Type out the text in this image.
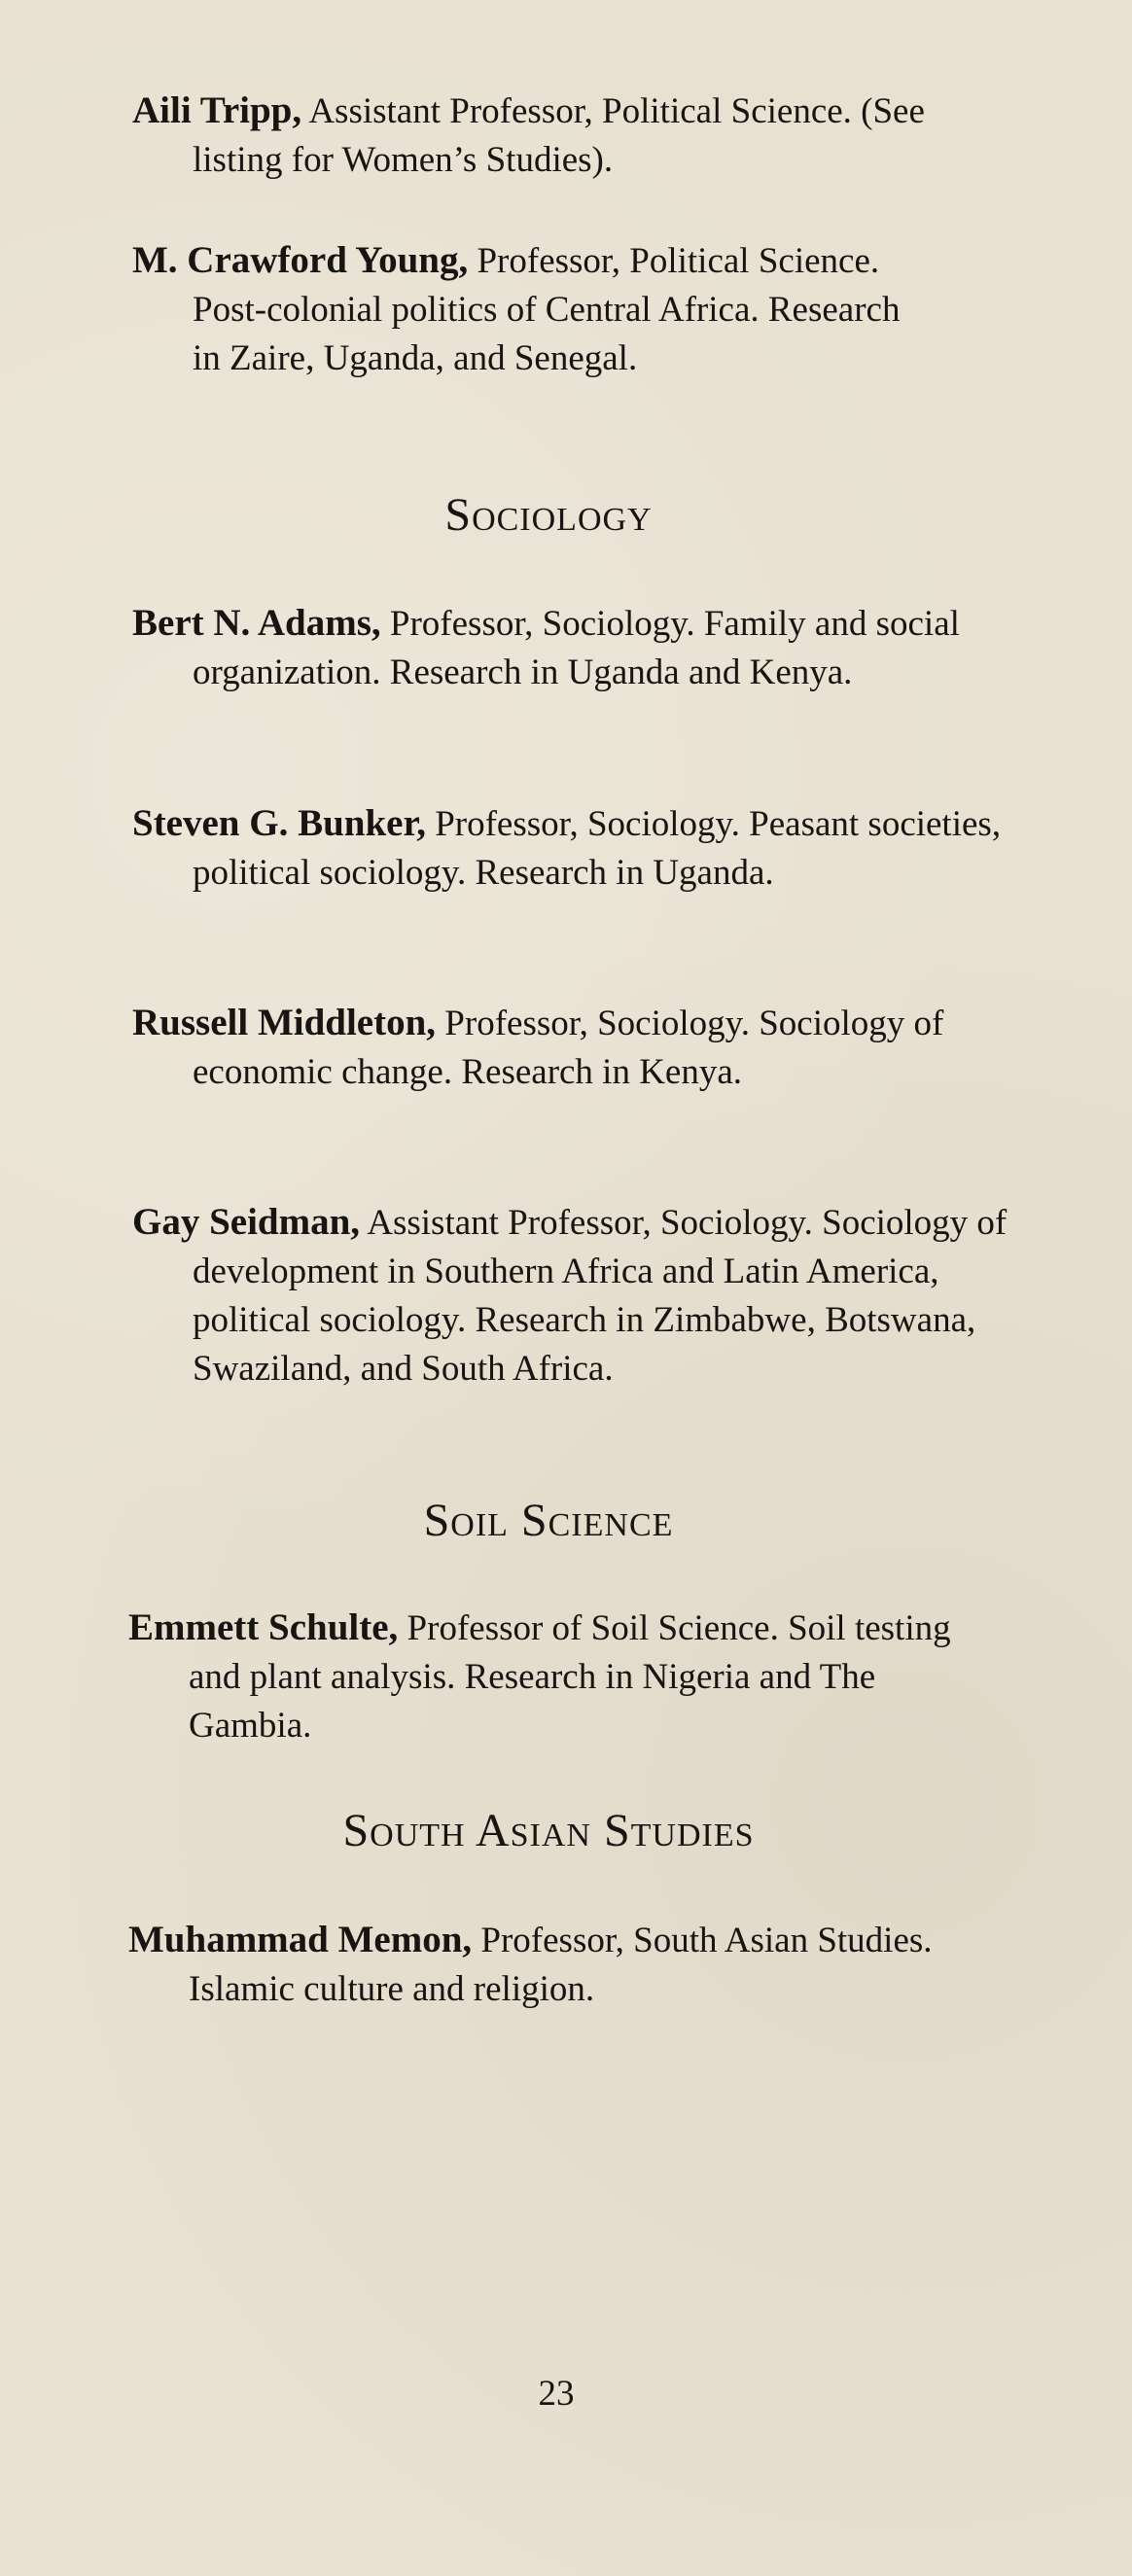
Aili Tripp, Assistant Professor, Political Science. (See listing for Women’s Studies).

M. Crawford Young, Professor, Political Science. Post-colonial politics of Central Africa. Research in Zaire, Uganda, and Senegal.

Sociology

Bert N. Adams, Professor, Sociology. Family and social organization. Research in Uganda and Kenya.

Steven G. Bunker, Professor, Sociology. Peasant societies, political sociology. Research in Uganda.

Russell Middleton, Professor, Sociology. Sociology of economic change. Research in Kenya.

Gay Seidman, Assistant Professor, Sociology. Sociology of development in Southern Africa and Latin America, political sociology. Research in Zimbabwe, Botswana, Swaziland, and South Africa.

Soil Science

Emmett Schulte, Professor of Soil Science. Soil testing and plant analysis. Research in Nigeria and The Gambia.

South Asian Studies

Muhammad Memon, Professor, South Asian Studies. Islamic culture and religion.

23
